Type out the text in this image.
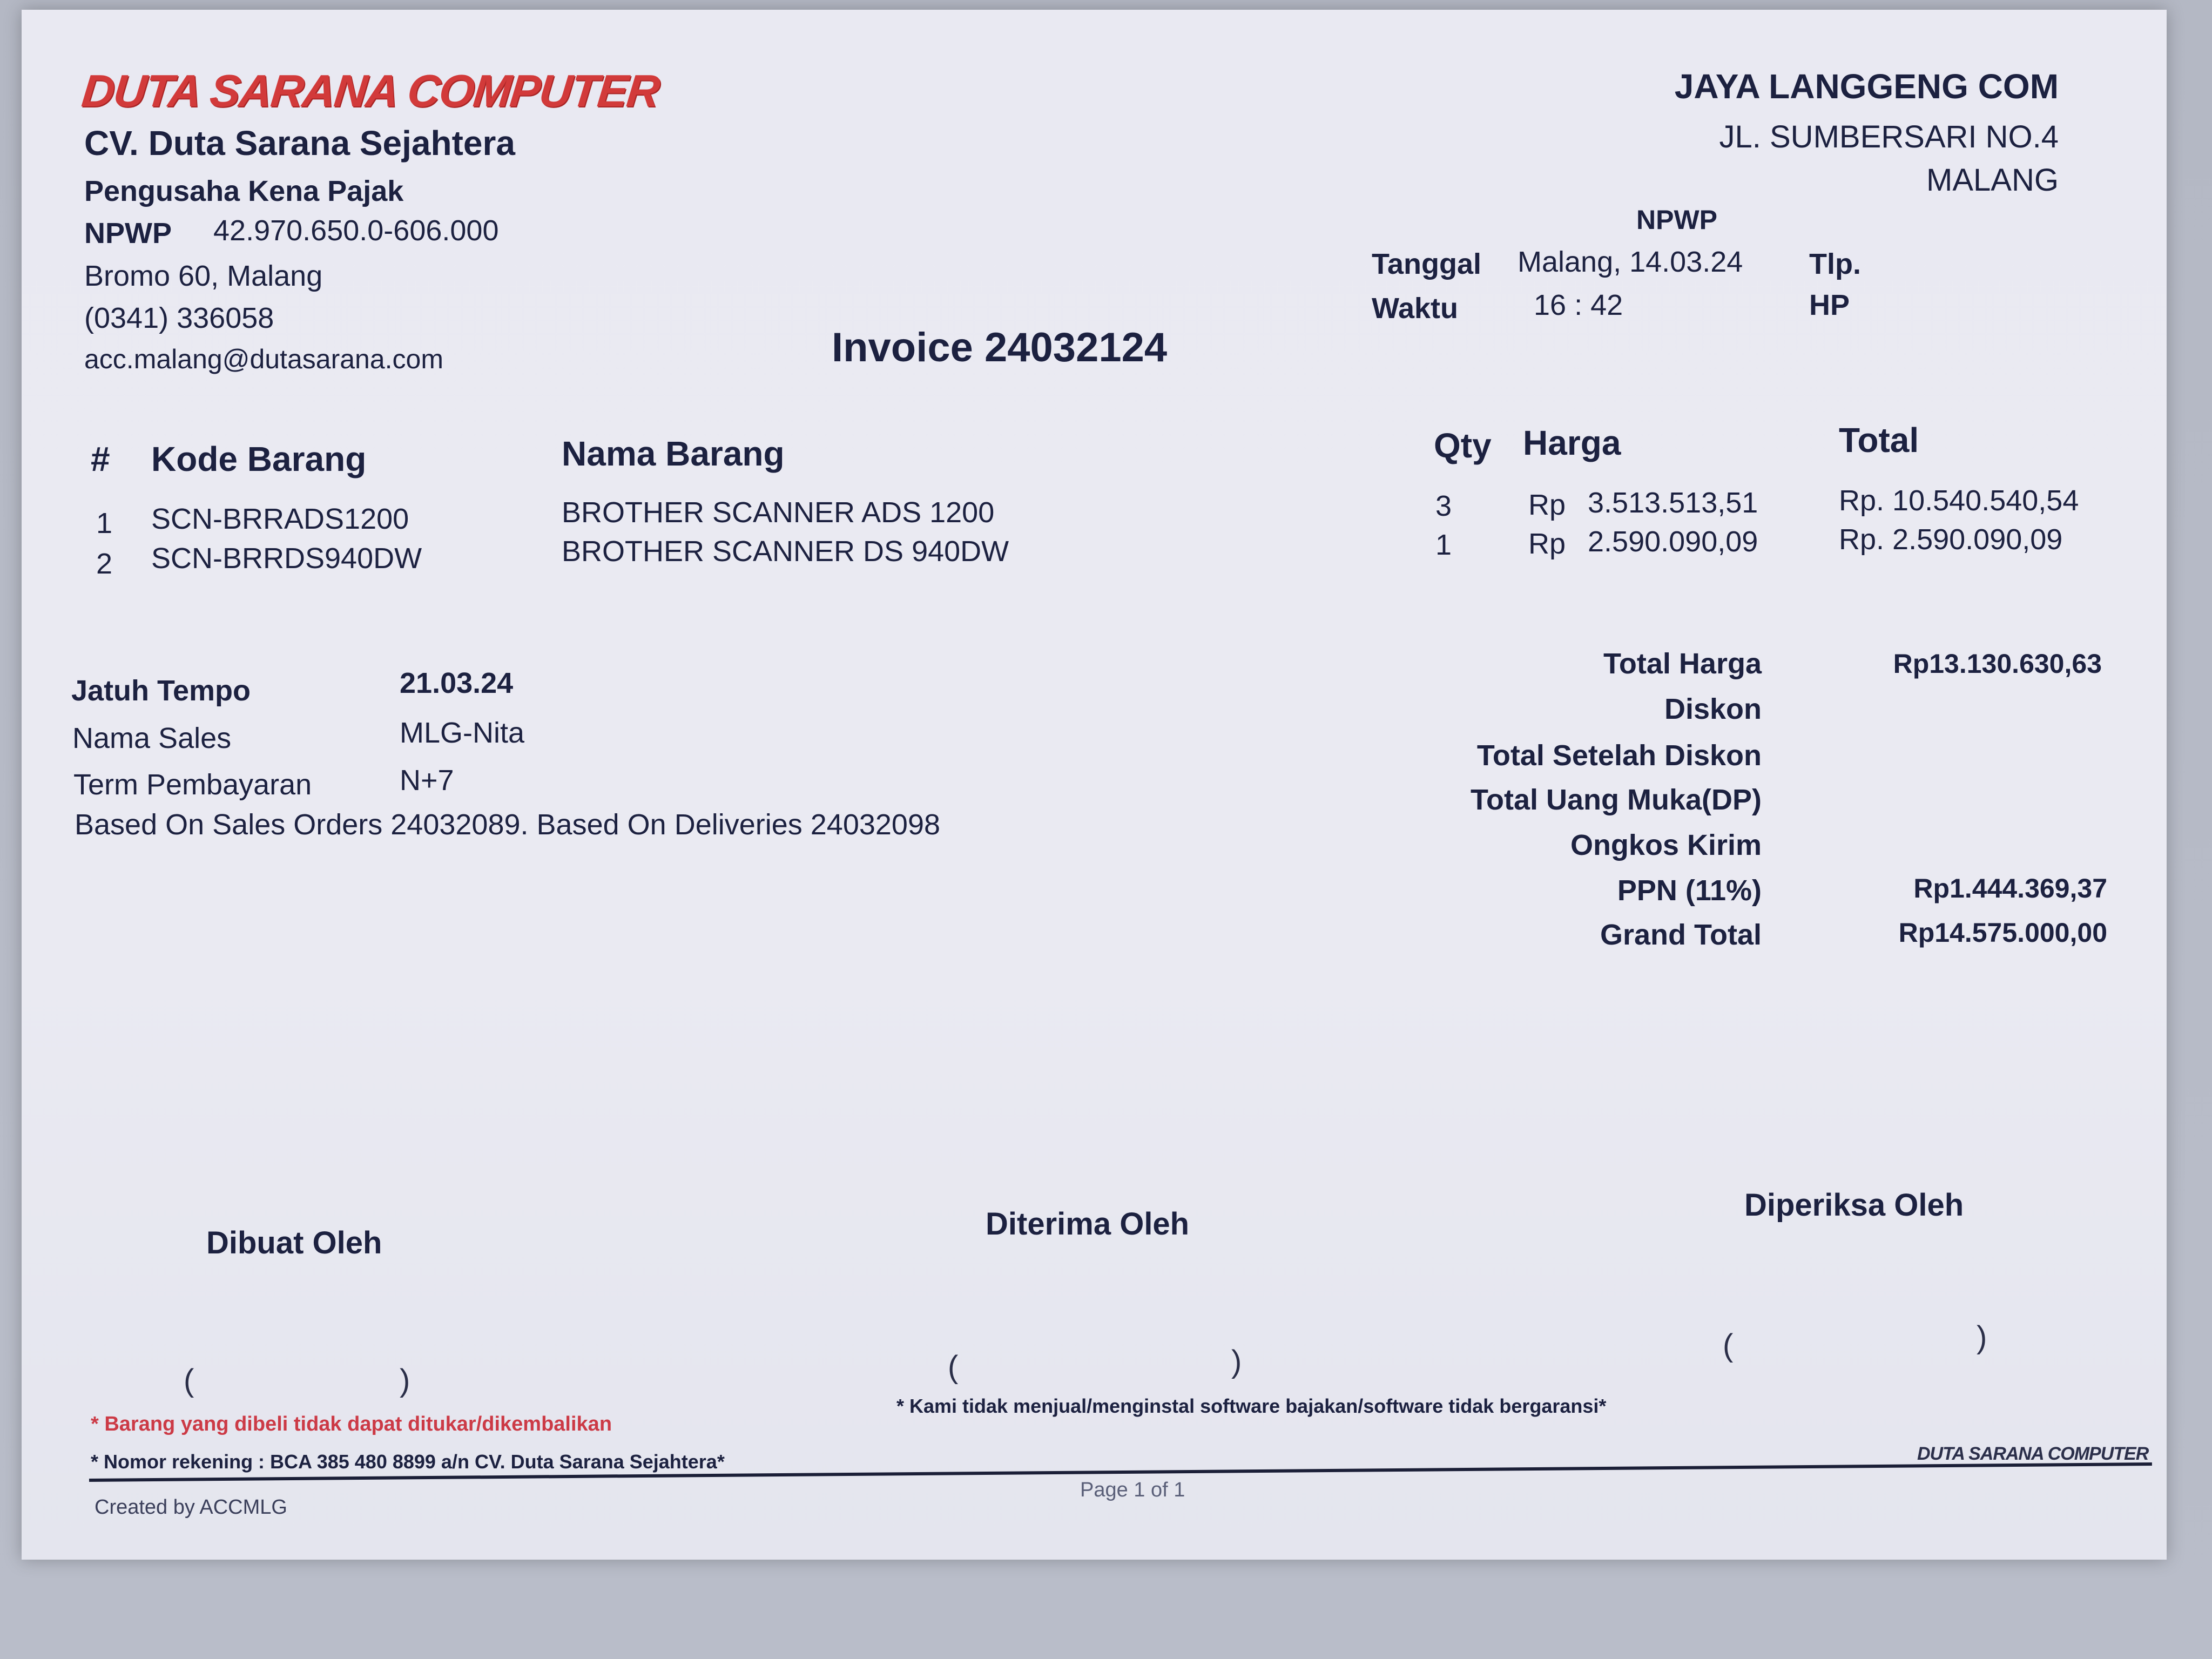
DUTA SARANA COMPUTER
CV. Duta Sarana Sejahtera
Pengusaha Kena Pajak
NPWP 42.970.650.0-606.000
Bromo 60, Malang
(0341) 336058
acc.malang@dutasarana.com
JAYA LANGGENG COM
JL. SUMBERSARI NO.4
MALANG
NPWP
Tanggal Malang, 14.03.24 Tlp.
Waktu	16 : 42	HP
Invoice 24032124
# Kode Barang	Nama Barang	Qty Harga	Total
1 SCN-BRRADS1200	BROTHER SCANNER ADS 1200	3	Rp 3.513.513,51	Rp. 10.540.540,54
2 SCN-BRRDS940DW	BROTHER SCANNER DS 940DW	1	Rp 2.590.090,09	Rp. 2.590.090,09
Jatuh Tempo	21.03.24
Nama Sales	MLG-Nita
Term Pembayaran	N+7
Based On Sales Orders 24032089. Based On Deliveries 24032098
Total Harga	Rp13.130.630,63
Diskon
Total Setelah Diskon
Total Uang Muka(DP)
Ongkos Kirim
PPN (11%)	Rp1.444.369,37
Grand Total	Rp14.575.000,00
Dibuat Oleh
Diterima Oleh
Diperiksa Oleh
(	)	(	)	(	)
* Barang yang dibeli tidak dapat ditukar/dikembalikan
* Kami tidak menjual/menginstal software bajakan/software tidak bergaransi*
* Nomor rekening : BCA 385 480 8899 a/n CV. Duta Sarana Sejahtera*
Created by ACCMLG
Page 1 of 1
DUTA SARANA COMPUTER
